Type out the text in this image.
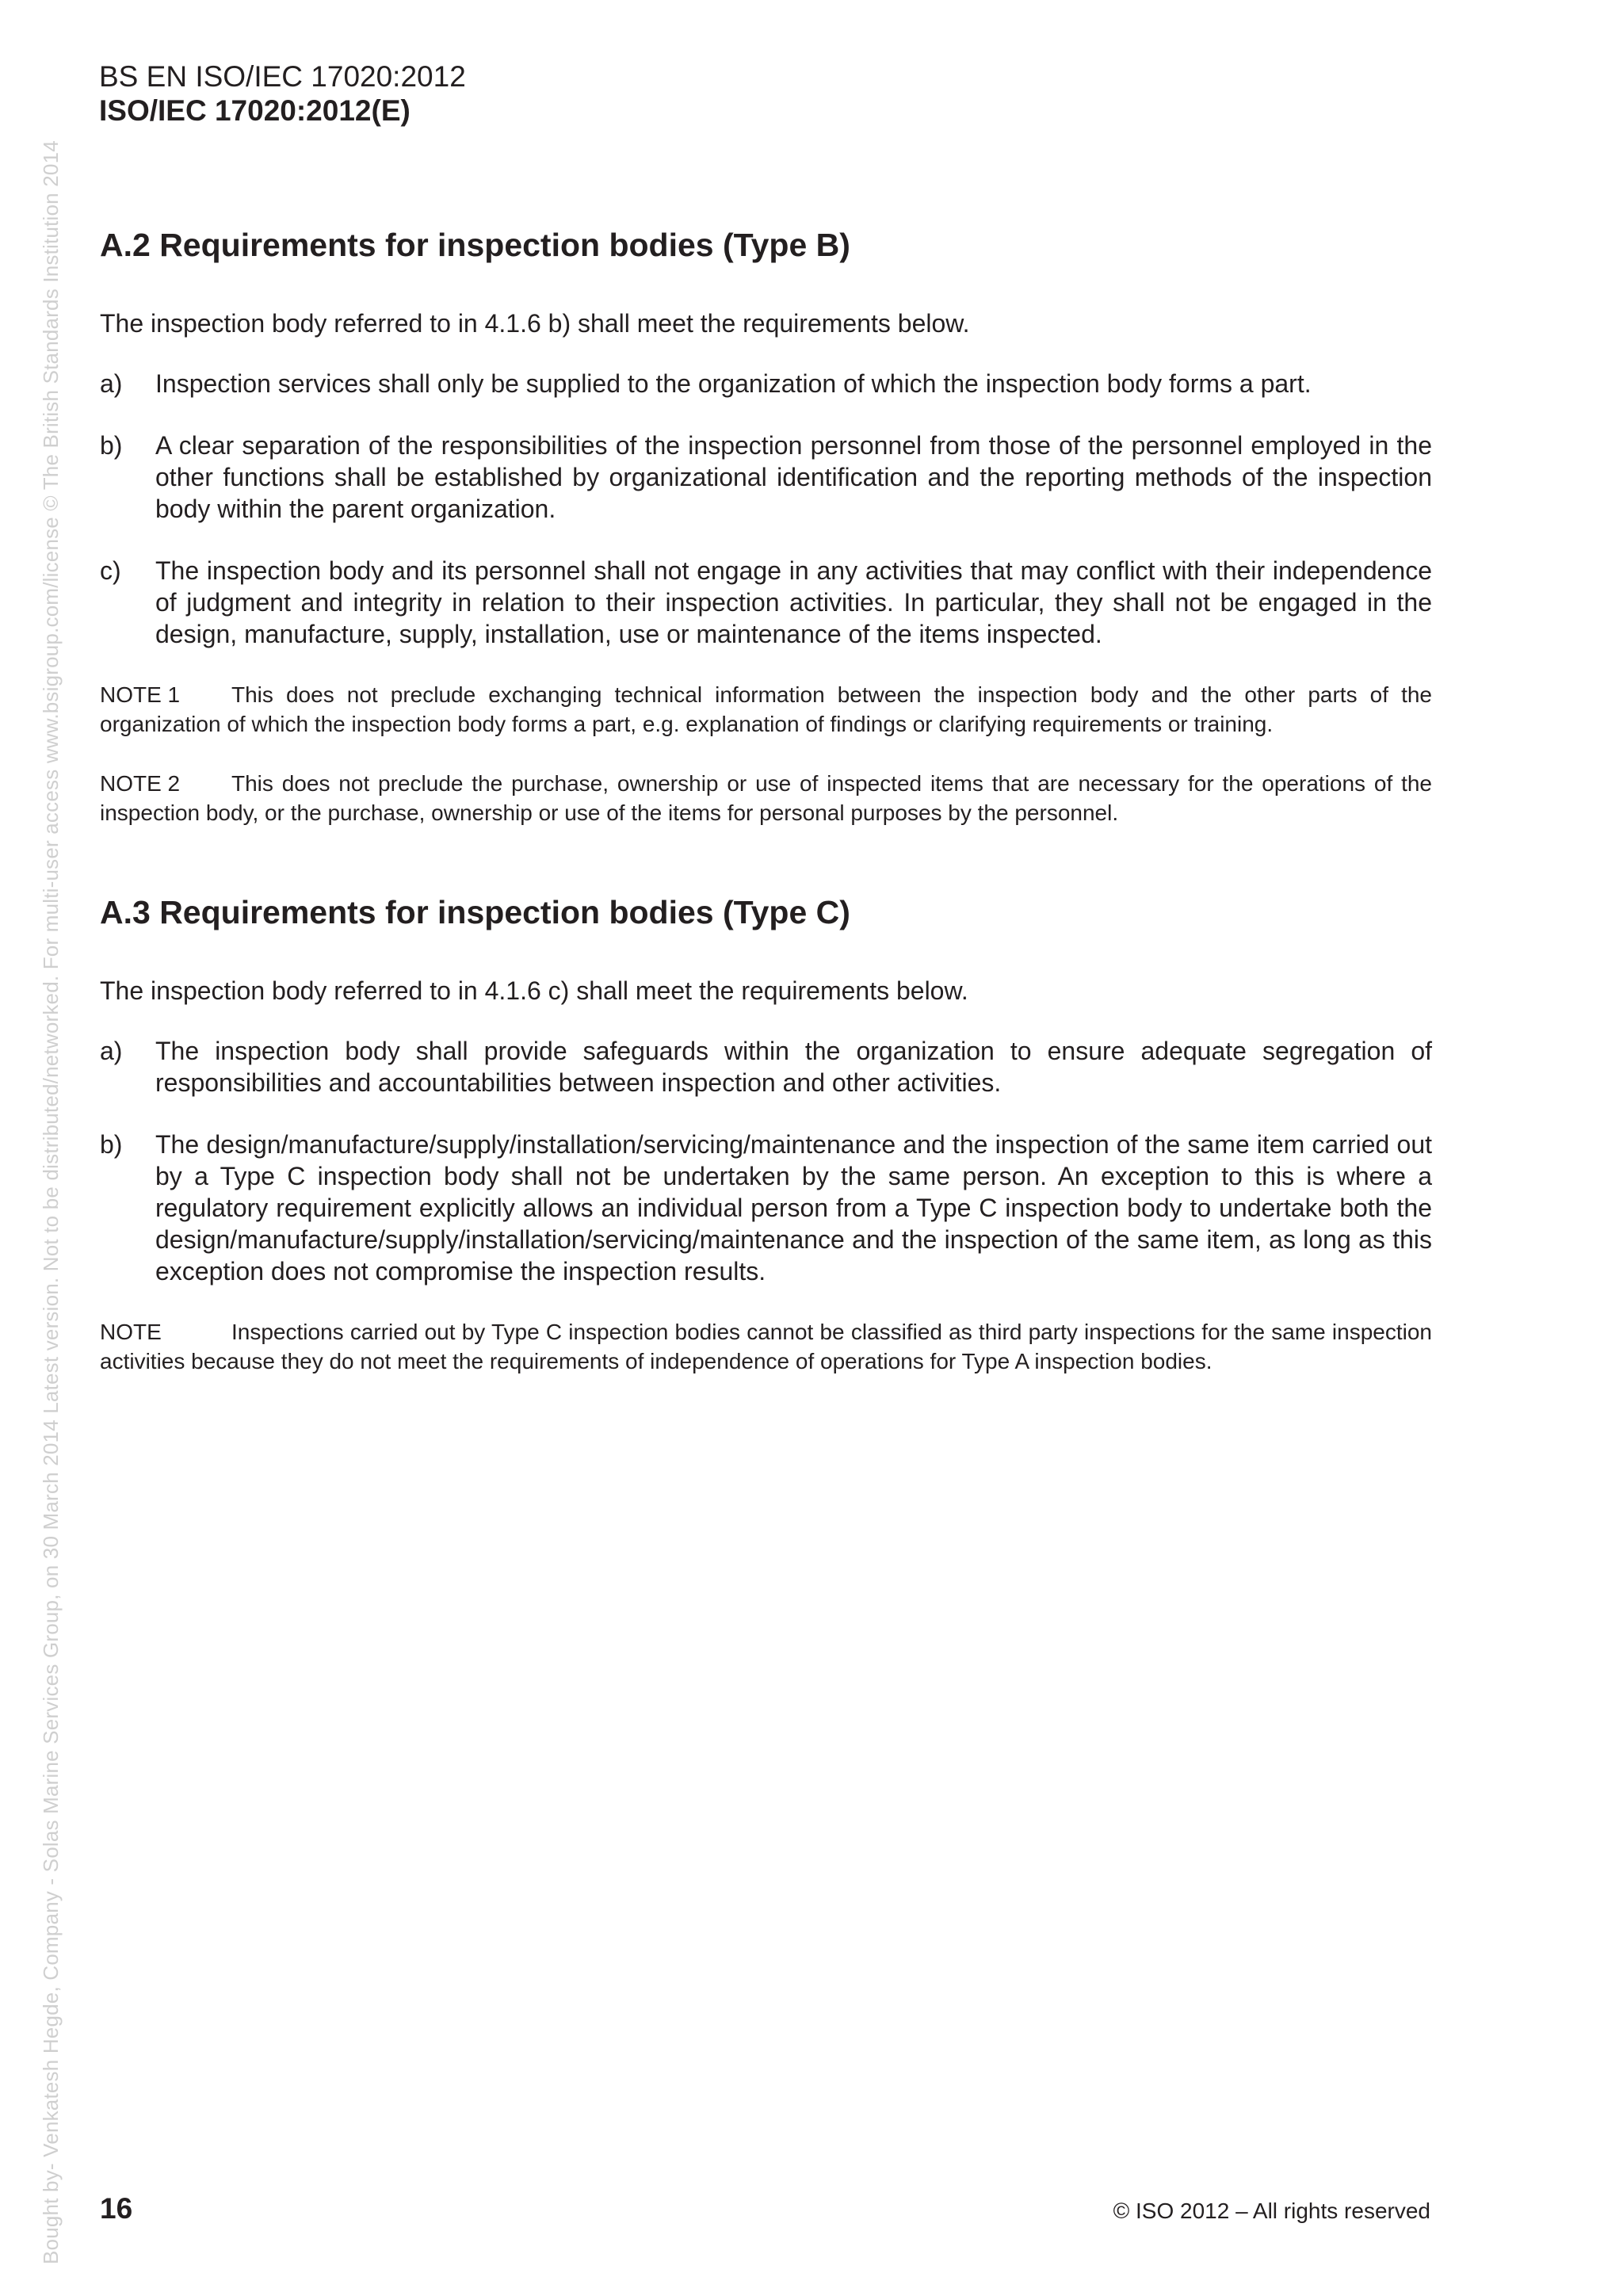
Bought by- Venkatesh Hegde, Company - Solas Marine Services Group, on 30 March 2014 Latest version. Not to be distributed/networked. For multi-user access www.bsigroup.com/license © The British Standards Institution 2014
BS EN ISO/IEC 17020:2012
ISO/IEC 17020:2012(E)
A.2 Requirements for inspection bodies (Type B)

The inspection body referred to in 4.1.6 b) shall meet the requirements below.

a)	Inspection services shall only be supplied to the organization of which the inspection body forms a part.
b)	A clear separation of the responsibilities of the inspection personnel from those of the personnel employed in the other functions shall be established by organizational identification and the reporting methods of the inspection body within the parent organization.
c)	The inspection body and its personnel shall not engage in any activities that may conflict with their independence of judgment and integrity in relation to their inspection activities. In particular, they shall not be engaged in the design, manufacture, supply, installation, use or maintenance of the items inspected.
NOTE 1 This does not preclude exchanging technical information between the inspection body and the other parts of the organization of which the inspection body forms a part, e.g. explanation of findings or clarifying requirements or training.
NOTE 2 This does not preclude the purchase, ownership or use of inspected items that are necessary for the operations of the inspection body, or the purchase, ownership or use of the items for personal purposes by the personnel.
A.3 Requirements for inspection bodies (Type C)

The inspection body referred to in 4.1.6 c) shall meet the requirements below.

a)	The inspection body shall provide safeguards within the organization to ensure adequate segregation of responsibilities and accountabilities between inspection and other activities.
b)	The design/manufacture/supply/installation/servicing/maintenance and the inspection of the same item carried out by a Type C inspection body shall not be undertaken by the same person. An exception to this is where a regulatory requirement explicitly allows an individual person from a Type C inspection body to undertake both the design/manufacture/supply/installation/servicing/maintenance and the inspection of the same item, as long as this exception does not compromise the inspection results.
NOTE	Inspections carried out by Type C inspection bodies cannot be classified as third party inspections for the same inspection activities because they do not meet the requirements of independence of operations for Type A inspection bodies.
16	© ISO 2012 – All rights reserved
